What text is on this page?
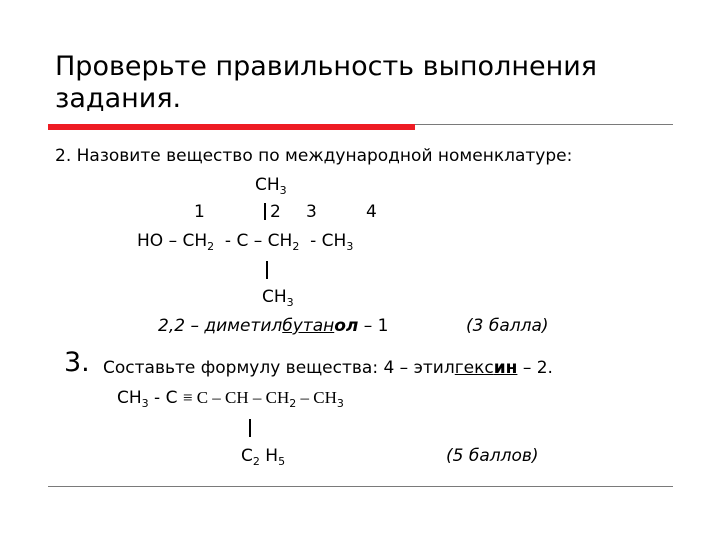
Проверьте правильность выполнения
задания.
2. Назовите вещество по международной номенклатуре:
$CH_3$
1	2 3	4
HO – $CH_2$  - C – $CH_2 - CH_3$
$CH_3$
2,2 – диметилбутанол – 1	(3 балла)
3. Составьте формулу вещества: 4 – этилгексин – 2.
$CH_3 - C \equiv C$ – CH – $CH_2 - CH_3$
$C_2$ $H_5$	(5 баллов)
